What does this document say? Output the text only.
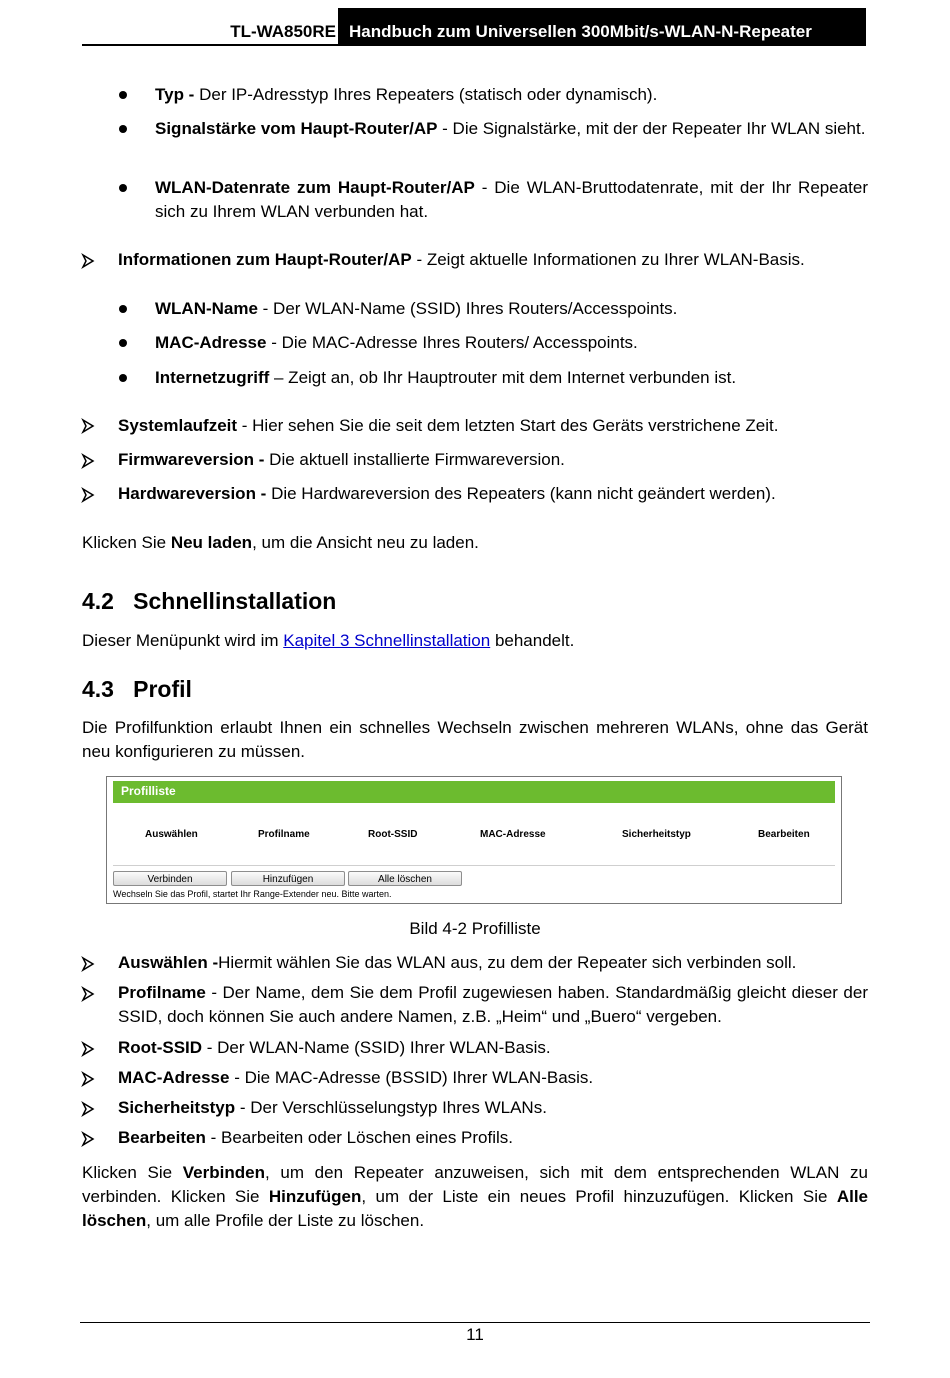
TL-WA850RE Handbuch zum Universellen 300Mbit/s-WLAN-N-Repeater
Typ - Der IP-Adresstyp Ihres Repeaters (statisch oder dynamisch).
Signalstärke vom Haupt-Router/AP - Die Signalstärke, mit der der Repeater Ihr WLAN sieht.
WLAN-Datenrate zum Haupt-Router/AP - Die WLAN-Bruttodatenrate, mit der Ihr Repeater sich zu Ihrem WLAN verbunden hat.
Informationen zum Haupt-Router/AP - Zeigt aktuelle Informationen zu Ihrer WLAN-Basis.
WLAN-Name - Der WLAN-Name (SSID) Ihres Routers/Accesspoints.
MAC-Adresse - Die MAC-Adresse Ihres Routers/ Accesspoints.
Internetzugriff – Zeigt an, ob Ihr Hauptrouter mit dem Internet verbunden ist.
Systemlaufzeit - Hier sehen Sie die seit dem letzten Start des Geräts verstrichene Zeit.
Firmwareversion - Die aktuell installierte Firmwareversion.
Hardwareversion - Die Hardwareversion des Repeaters (kann nicht geändert werden).
Klicken Sie Neu laden, um die Ansicht neu zu laden.
4.2   Schnellinstallation
Dieser Menüpunkt wird im Kapitel 3 Schnellinstallation behandelt.
4.3   Profil
Die Profilfunktion erlaubt Ihnen ein schnelles Wechseln zwischen mehreren WLANs, ohne das Gerät neu konfigurieren zu müssen.
Profilliste
Auswählen	Profilname	Root-SSID	MAC-Adresse	Sicherheitstyp	Bearbeiten
Verbinden	Hinzufügen	Alle löschen
Wechseln Sie das Profil, startet Ihr Range-Extender neu. Bitte warten.
Bild 4-2 Profilliste
Auswählen -Hiermit wählen Sie das WLAN aus, zu dem der Repeater sich verbinden soll.
Profilname - Der Name, dem Sie dem Profil zugewiesen haben. Standardmäßig gleicht dieser der SSID, doch können Sie auch andere Namen, z.B. „Heim“ und „Buero“ vergeben.
Root-SSID - Der WLAN-Name (SSID) Ihrer WLAN-Basis.
MAC-Adresse - Die MAC-Adresse (BSSID) Ihrer WLAN-Basis.
Sicherheitstyp - Der Verschlüsselungstyp Ihres WLANs.
Bearbeiten - Bearbeiten oder Löschen eines Profils.
Klicken Sie Verbinden, um den Repeater anzuweisen, sich mit dem entsprechenden WLAN zu verbinden. Klicken Sie Hinzufügen, um der Liste ein neues Profil hinzuzufügen. Klicken Sie Alle löschen, um alle Profile der Liste zu löschen.
11
